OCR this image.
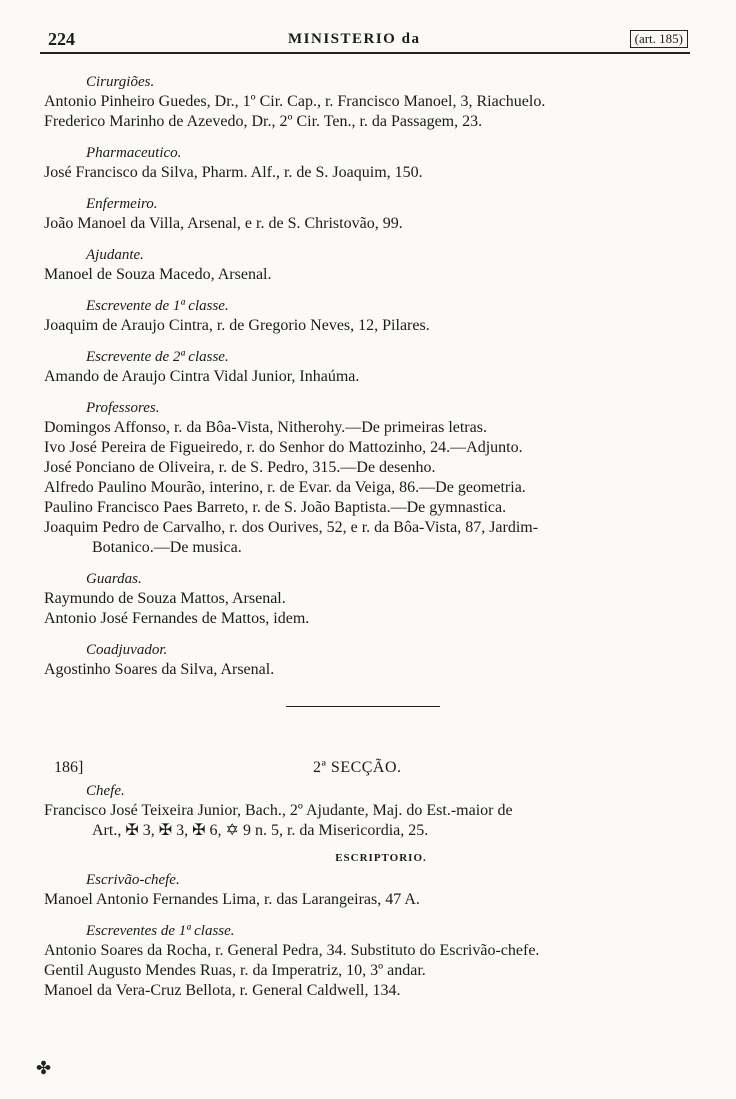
224	MINISTERIO da	(art. 185)
Cirurgiões.
Antonio Pinheiro Guedes, Dr., 1º Cir. Cap., r. Francisco Manoel, 3, Riachuelo.
Frederico Marinho de Azevedo, Dr., 2º Cir. Ten., r. da Passagem, 23.
Pharmaceutico.
José Francisco da Silva, Pharm. Alf., r. de S. Joaquim, 150.
Enfermeiro.
João Manoel da Villa, Arsenal, e r. de S. Christovão, 99.
Ajudante.
Manoel de Souza Macedo, Arsenal.
Escrevente de 1ª classe.
Joaquim de Araujo Cintra, r. de Gregorio Neves, 12, Pilares.
Escrevente de 2ª classe.
Amando de Araujo Cintra Vidal Junior, Inhaúma.
Professores.
Domingos Affonso, r. da Bôa-Vista, Nitherohy.—De primeiras letras.
Ivo José Pereira de Figueiredo, r. do Senhor do Mattozinho, 24.—Adjunto.
José Ponciano de Oliveira, r. de S. Pedro, 315.—De desenho.
Alfredo Paulino Mourão, interino, r. de Evar. da Veiga, 86.—De geometria.
Paulino Francisco Paes Barreto, r. de S. João Baptista.—De gymnastica.
Joaquim Pedro de Carvalho, r. dos Ourives, 52, e r. da Bôa-Vista, 87, Jardim-
Botanico.—De musica.
Guardas.
Raymundo de Souza Mattos, Arsenal.
Antonio José Fernandes de Mattos, idem.
Coadjuvador.
Agostinho Soares da Silva, Arsenal.
186]	2ª SECÇÃO.
Chefe.
Francisco José Teixeira Junior, Bach., 2º Ajudante, Maj. do Est.-maior de
Art., ✠ 3, ✠ 3, ✠ 6, ✡ 9 n. 5, r. da Misericordia, 25.
ESCRIPTORIO.
Escrivão-chefe.
Manoel Antonio Fernandes Lima, r. das Larangeiras, 47 A.
Escreventes de 1ª classe.
Antonio Soares da Rocha, r. General Pedra, 34. Substituto do Escrivão-chefe.
Gentil Augusto Mendes Ruas, r. da Imperatriz, 10, 3º andar.
Manoel da Vera-Cruz Bellota, r. General Caldwell, 134.
✤
